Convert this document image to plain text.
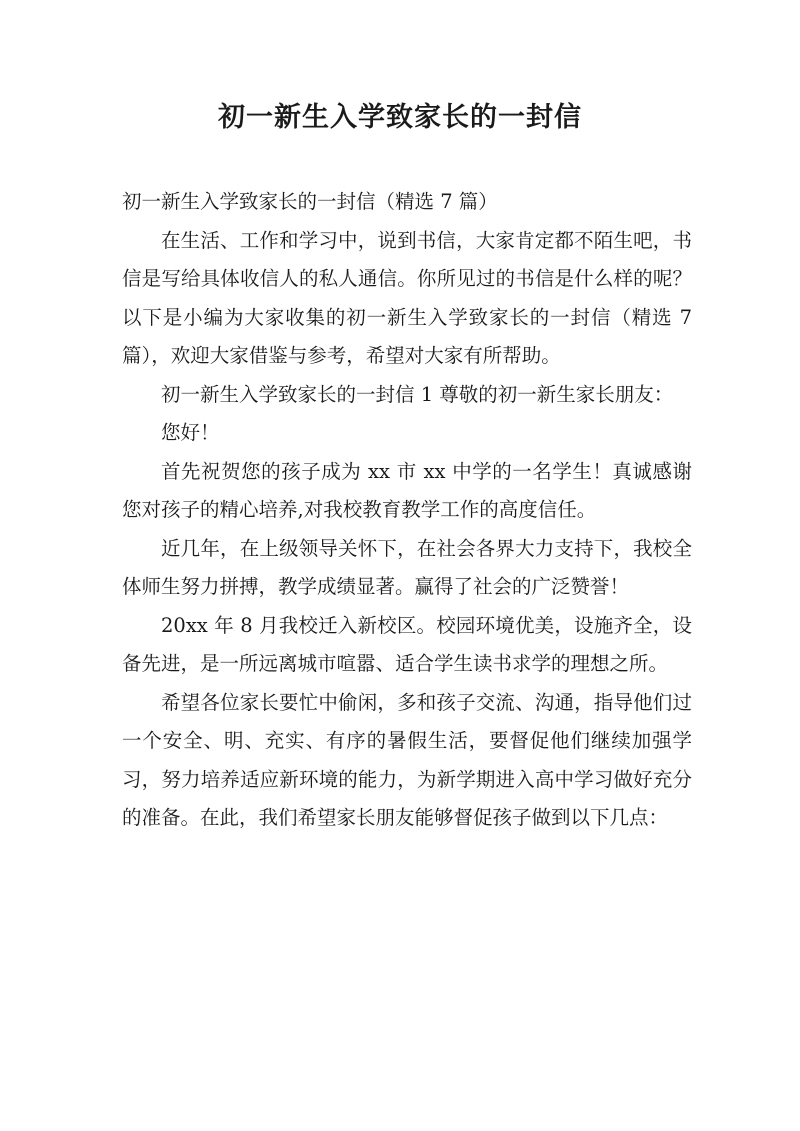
初一新生入学致家长的一封信

初一新生入学致家长的一封信（精选 7 篇）

在生活、工作和学习中，说到书信，大家肯定都不陌生吧，书信是写给具体收信人的私人通信。你所见过的书信是什么样的呢？以下是小编为大家收集的初一新生入学致家长的一封信（精选 7 篇），欢迎大家借鉴与参考，希望对大家有所帮助。

初一新生入学致家长的一封信 1 尊敬的初一新生家长朋友：

您好！

首先祝贺您的孩子成为 xx 市 xx 中学的一名学生！真诚感谢您对孩子的精心培养,对我校教育教学工作的高度信任。

近几年，在上级领导关怀下，在社会各界大力支持下，我校全体师生努力拼搏，教学成绩显著。赢得了社会的广泛赞誉！

20xx 年 8 月我校迁入新校区。校园环境优美，设施齐全，设备先进，是一所远离城市喧嚣、适合学生读书求学的理想之所。

希望各位家长要忙中偷闲，多和孩子交流、沟通，指导他们过一个安全、明、充实、有序的暑假生活，要督促他们继续加强学习，努力培养适应新环境的能力，为新学期进入高中学习做好充分的准备。在此，我们希望家长朋友能够督促孩子做到以下几点：
